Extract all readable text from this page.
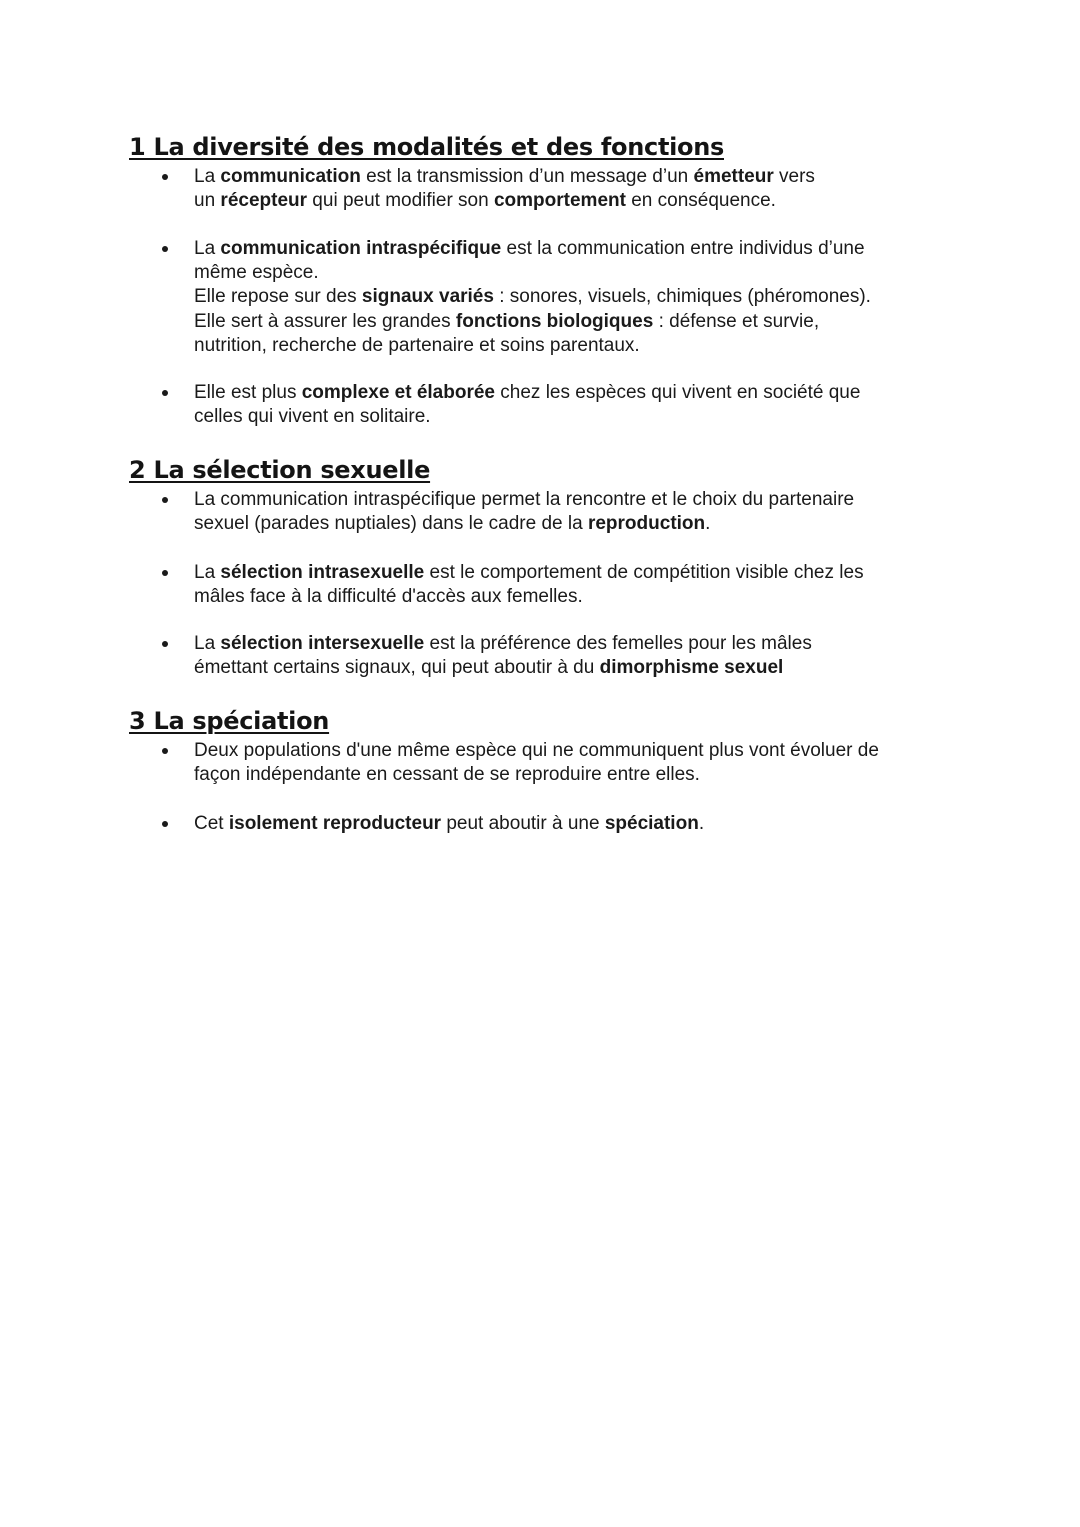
1 La diversité des modalités et des fonctions

La communication est la transmission d’un message d’un émetteur vers
un récepteur qui peut modifier son comportement en conséquence.

La communication intraspécifique est la communication entre individus d’une
même espèce.
Elle repose sur des signaux variés : sonores, visuels, chimiques (phéromones).
Elle sert à assurer les grandes fonctions biologiques : défense et survie,
nutrition, recherche de partenaire et soins parentaux.

Elle est plus complexe et élaborée chez les espèces qui vivent en société que
celles qui vivent en solitaire.

2 La sélection sexuelle

La communication intraspécifique permet la rencontre et le choix du partenaire
sexuel (parades nuptiales) dans le cadre de la reproduction.

La sélection intrasexuelle est le comportement de compétition visible chez les
mâles face à la difficulté d'accès aux femelles.

La sélection intersexuelle est la préférence des femelles pour les mâles
émettant certains signaux, qui peut aboutir à du dimorphisme sexuel

3 La spéciation

Deux populations d'une même espèce qui ne communiquent plus vont évoluer de
façon indépendante en cessant de se reproduire entre elles.

Cet isolement reproducteur peut aboutir à une spéciation.
